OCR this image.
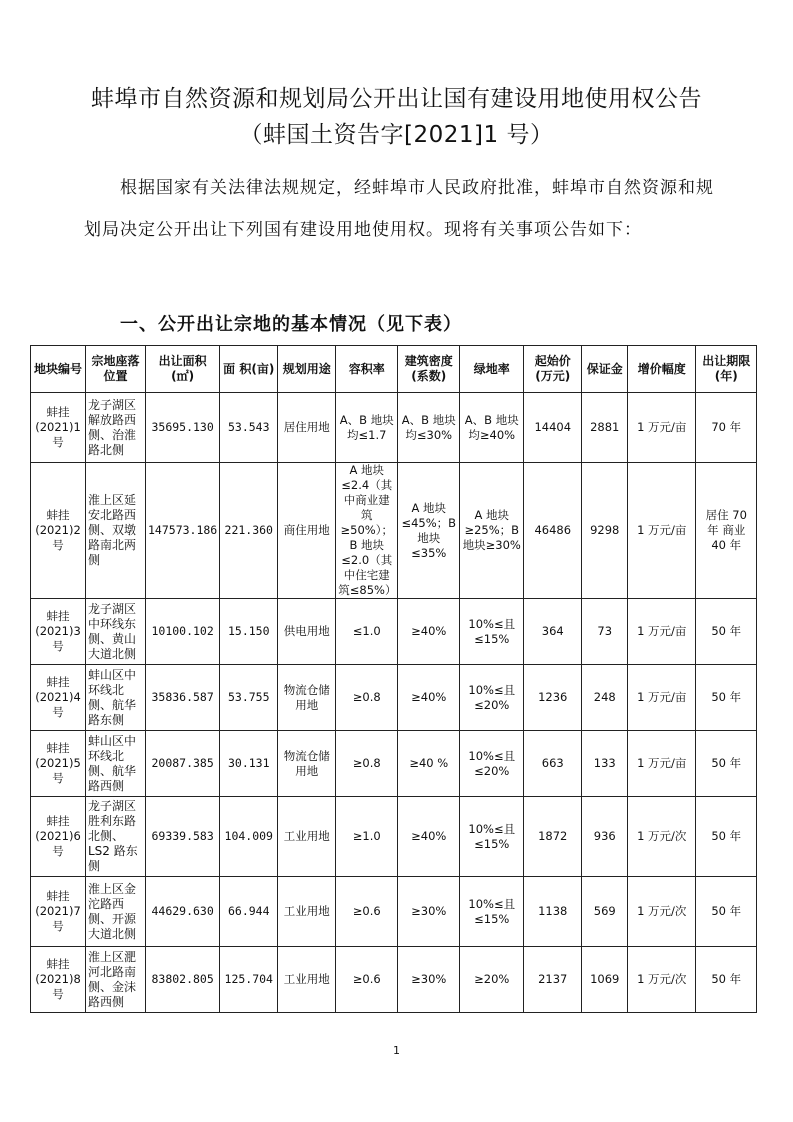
蚌埠市自然资源和规划局公开出让国有建设用地使用权公告
（蚌国土资告字[2021]1 号）
根据国家有关法律法规规定，经蚌埠市人民政府批准，蚌埠市自然资源和规划局决定公开出让下列国有建设用地使用权。现将有关事项公告如下：
一、公开出让宗地的基本情况（见下表）
地块编号	宗地座落位置	出让面积(㎡)	面 积(亩)	规划用途	容积率	建筑密度(系数)	绿地率	起始价(万元)	保证金	增价幅度	出让期限(年)
蚌挂(2021)1号	龙子湖区解放路西侧、治淮路北侧	35695.130	53.543	居住用地	A、B 地块均≤1.7	A、B 地块均≤30%	A、B 地块均≥40%	14404	2881	1 万元/亩	70 年
蚌挂(2021)2号	淮上区延安北路西侧、双墩路南北两侧	147573.186	221.360	商住用地	A 地块≤2.4（其中商业建筑≥50%）；B 地块≤2.0（其中住宅建筑≤85%）	A 地块≤45%；B 地块≤35%	A 地块≥25%；B 地块≥30%	46486	9298	1 万元/亩	居住 70 年 商业 40 年
蚌挂(2021)3号	龙子湖区中环线东侧、黄山大道北侧	10100.102	15.150	供电用地	≤1.0	≥40%	10%≤且≤15%	364	73	1 万元/亩	50 年
蚌挂(2021)4号	蚌山区中环线北侧、航华路东侧	35836.587	53.755	物流仓储用地	≥0.8	≥40%	10%≤且≤20%	1236	248	1 万元/亩	50 年
蚌挂(2021)5号	蚌山区中环线北侧、航华路西侧	20087.385	30.131	物流仓储用地	≥0.8	≥40 %	10%≤且≤20%	663	133	1 万元/亩	50 年
蚌挂(2021)6号	龙子湖区胜利东路北侧、LS2 路东侧	69339.583	104.009	工业用地	≥1.0	≥40%	10%≤且≤15%	1872	936	1 万元/次	50 年
蚌挂(2021)7号	淮上区金沱路西侧、开源大道北侧	44629.630	66.944	工业用地	≥0.6	≥30%	10%≤且≤15%	1138	569	1 万元/次	50 年
蚌挂(2021)8号	淮上区淝河北路南侧、金沫路西侧	83802.805	125.704	工业用地	≥0.6	≥30%	≥20%	2137	1069	1 万元/次	50 年
1
